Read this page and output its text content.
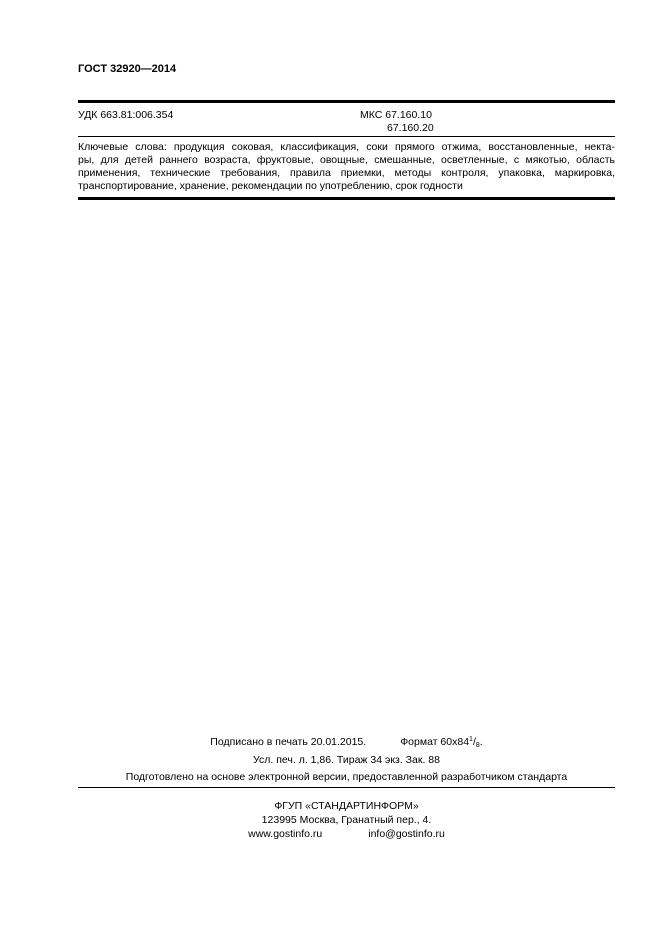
ГОСТ 32920—2014
УДК 663.81:006.354	МКС 67.160.10
67.160.20
Ключевые слова: продукция соковая, классификация, соки прямого отжима, восстановленные, некта-
ры, для детей раннего возраста, фруктовые, овощные, смешанные, осветленные, с мякотью, область
применения, технические требования, правила приемки, методы контроля, упаковка, маркировка,
транспортирование, хранение, рекомендации по употреблению, срок годности
Подписано в печать 20.01.2015.	Формат $60x84^1/_8$.
Усл. печ. л. 1,86. Тираж 34 экз. Зак. 88
Подготовлено на основе электронной версии, предоставленной разработчиком стандарта
ФГУП «СТАНДАРТИНФОРМ»
123995 Москва, Гранатный пер., 4.
www.gostinfo.ru	info@gostinfo.ru
